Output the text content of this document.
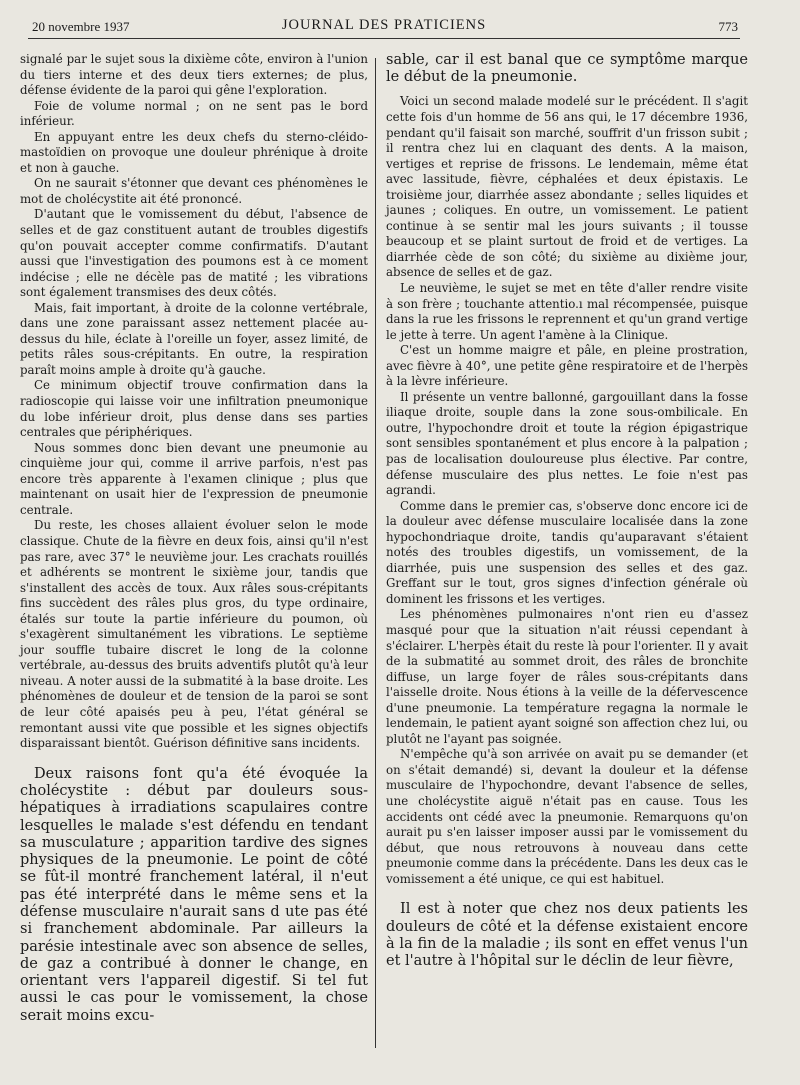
20 novembre 1937	JOURNAL DES PRATICIENS	773

signalé par le sujet sous la dixième côte, environ à l'union du tiers interne et des deux tiers externes; de plus, défense évidente de la paroi qui gêne l'exploration.

Foie de volume normal ; on ne sent pas le bord inférieur.

En appuyant entre les deux chefs du sterno-cléido-mastoïdien on provoque une douleur phrénique à droite et non à gauche.

On ne saurait s'étonner que devant ces phénomènes le mot de cholécystite ait été prononcé.

D'autant que le vomissement du début, l'absence de selles et de gaz constituent autant de troubles digestifs qu'on pouvait accepter comme confirmatifs. D'autant aussi que l'investigation des poumons est à ce moment indécise ; elle ne décèle pas de matité ; les vibrations sont également transmises des deux côtés.

Mais, fait important, à droite de la colonne vertébrale, dans une zone paraissant assez nettement placée au-dessus du hile, éclate à l'oreille un foyer, assez limité, de petits râles sous-crépitants. En outre, la respiration paraît moins ample à droite qu'à gauche.

Ce minimum objectif trouve confirmation dans la radioscopie qui laisse voir une infiltration pneumonique du lobe inférieur droit, plus dense dans ses parties centrales que périphériques.

Nous sommes donc bien devant une pneumonie au cinquième jour qui, comme il arrive parfois, n'est pas encore très apparente à l'examen clinique ; plus que maintenant on usait hier de l'expression de pneumonie centrale.

Du reste, les choses allaient évoluer selon le mode classique. Chute de la fièvre en deux fois, ainsi qu'il n'est pas rare, avec 37° le neuvième jour. Les crachats rouillés et adhérents se montrent le sixième jour, tandis que s'installent des accès de toux. Aux râles sous-crépitants fins succèdent des râles plus gros, du type ordinaire, étalés sur toute la partie inférieure du poumon, où s'exagèrent simultanément les vibrations. Le septième jour souffle tubaire discret le long de la colonne vertébrale, au-dessus des bruits adventifs plutôt qu'à leur niveau. A noter aussi de la submatité à la base droite. Les phénomènes de douleur et de tension de la paroi se sont de leur côté apaisés peu à peu, l'état général se remontant aussi vite que possible et les signes objectifs disparaissant bientôt. Guérison définitive sans incidents.

Deux raisons font qu'a été évoquée la cholécystite : début par douleurs sous-hépatiques à irradiations scapulaires contre lesquelles le malade s'est défendu en tendant sa musculature ; apparition tardive des signes physiques de la pneumonie. Le point de côté se fût-il montré franchement latéral, il n'eut pas été interprété dans le même sens et la défense musculaire n'aurait sans d ute pas été si franchement abdominale. Par ailleurs la parésie intestinale avec son absence de selles, de gaz a contribué à donner le change, en orientant vers l'appareil digestif. Si tel fut aussi le cas pour le vomissement, la chose serait moins excu-

sable, car il est banal que ce symptôme marque le début de la pneumonie.

Voici un second malade modelé sur le précédent. Il s'agit cette fois d'un homme de 56 ans qui, le 17 décembre 1936, pendant qu'il faisait son marché, souffrit d'un frisson subit ; il rentra chez lui en claquant des dents. A la maison, vertiges et reprise de frissons. Le lendemain, même état avec lassitude, fièvre, céphalées et deux épistaxis. Le troisième jour, diarrhée assez abondante ; selles liquides et jaunes ; coliques. En outre, un vomissement. Le patient continue à se sentir mal les jours suivants ; il tousse beaucoup et se plaint surtout de froid et de vertiges. La diarrhée cède de son côté; du sixième au dixième jour, absence de selles et de gaz.

Le neuvième, le sujet se met en tête d'aller rendre visite à son frère ; touchante attentio.ı mal récompensée, puisque dans la rue les frissons le reprennent et qu'un grand vertige le jette à terre. Un agent l'amène à la Clinique.

C'est un homme maigre et pâle, en pleine prostration, avec fièvre à 40°, une petite gêne respiratoire et de l'herpès à la lèvre inférieure.

Il présente un ventre ballonné, gargouillant dans la fosse iliaque droite, souple dans la zone sous-ombilicale. En outre, l'hypochondre droit et toute la région épigastrique sont sensibles spontanément et plus encore à la palpation ; pas de localisation douloureuse plus élective. Par contre, défense musculaire des plus nettes. Le foie n'est pas agrandi.

Comme dans le premier cas, s'observe donc encore ici de la douleur avec défense musculaire localisée dans la zone hypochondriaque droite, tandis qu'auparavant s'étaient notés des troubles digestifs, un vomissement, de la diarrhée, puis une suspension des selles et des gaz. Greffant sur le tout, gros signes d'infection générale où dominent les frissons et les vertiges.

Les phénomènes pulmonaires n'ont rien eu d'assez masqué pour que la situation n'ait réussi cependant à s'éclairer. L'herpès était du reste là pour l'orienter. Il y avait de la submatité au sommet droit, des râles de bronchite diffuse, un large foyer de râles sous-crépitants dans l'aisselle droite. Nous étions à la veille de la défervescence d'une pneumonie. La température regagna la normale le lendemain, le patient ayant soigné son affection chez lui, ou plutôt ne l'ayant pas soignée.

N'empêche qu'à son arrivée on avait pu se demander (et on s'était demandé) si, devant la douleur et la défense musculaire de l'hypochondre, devant l'absence de selles, une cholécystite aiguë n'était pas en cause. Tous les accidents ont cédé avec la pneumonie. Remarquons qu'on aurait pu s'en laisser imposer aussi par le vomissement du début, que nous retrouvons à nouveau dans cette pneumonie comme dans la précédente. Dans les deux cas le vomissement a été unique, ce qui est habituel.

Il est à noter que chez nos deux patients les douleurs de côté et la défense existaient encore à la fin de la maladie ; ils sont en effet venus l'un et l'autre à l'hôpital sur le déclin de leur fièvre,
